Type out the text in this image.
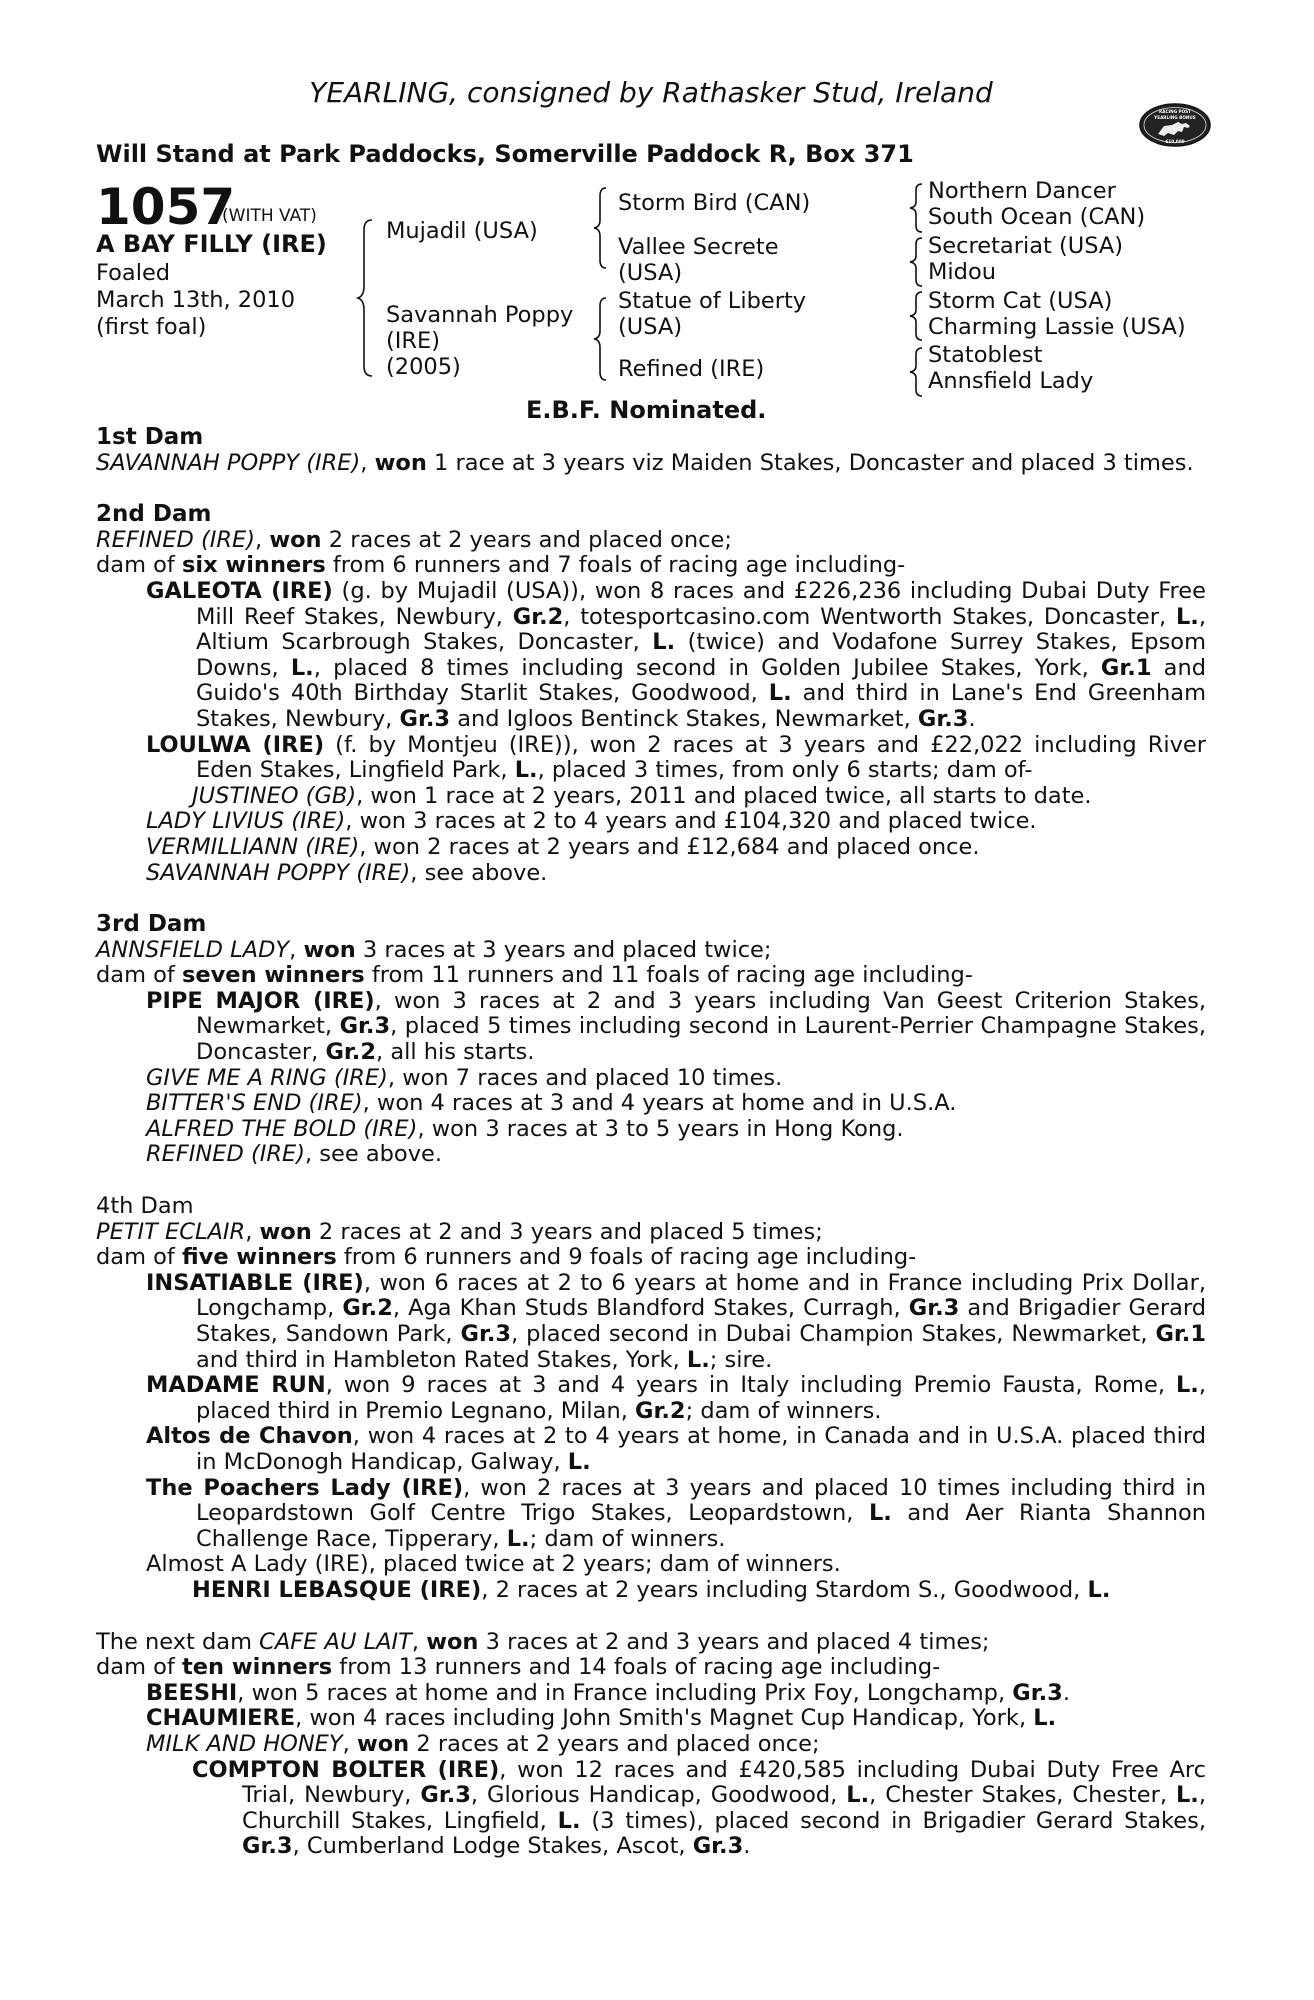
YEARLING, consigned by Rathasker Stud, Ireland
Will Stand at Park Paddocks, Somerville Paddock R, Box 371
1057
(WITH VAT)
A BAY FILLY (IRE)
Foaled
March 13th, 2010
(first foal)
Mujadil (USA)
Savannah Poppy
(IRE)
(2005)
Storm Bird (CAN)
Vallee Secrete
(USA)
Statue of Liberty
(USA)
Refined (IRE)
Northern Dancer
South Ocean (CAN)
Secretariat (USA)
Midou
Storm Cat (USA)
Charming Lassie (USA)
Statoblest
Annsfield Lady
E.B.F. Nominated.
1st Dam
SAVANNAH POPPY (IRE), won 1 race at 3 years viz Maiden Stakes, Doncaster and placed 3 times.
2nd Dam
REFINED (IRE), won 2 races at 2 years and placed once;
dam of six winners from 6 runners and 7 foals of racing age including-
GALEOTA (IRE) (g. by Mujadil (USA)), won 8 races and £226,236 including Dubai Duty Free Mill Reef Stakes, Newbury, Gr.2, totesportcasino.com Wentworth Stakes, Doncaster, L., Altium Scarbrough Stakes, Doncaster, L. (twice) and Vodafone Surrey Stakes, Epsom Downs, L., placed 8 times including second in Golden Jubilee Stakes, York, Gr.1 and Guido's 40th Birthday Starlit Stakes, Goodwood, L. and third in Lane's End Greenham Stakes, Newbury, Gr.3 and Igloos Bentinck Stakes, Newmarket, Gr.3.
LOULWA (IRE) (f. by Montjeu (IRE)), won 2 races at 3 years and £22,022 including River Eden Stakes, Lingfield Park, L., placed 3 times, from only 6 starts; dam of-
JUSTINEO (GB), won 1 race at 2 years, 2011 and placed twice, all starts to date.
LADY LIVIUS (IRE), won 3 races at 2 to 4 years and £104,320 and placed twice.
VERMILLIANN (IRE), won 2 races at 2 years and £12,684 and placed once.
SAVANNAH POPPY (IRE), see above.
3rd Dam
ANNSFIELD LADY, won 3 races at 3 years and placed twice;
dam of seven winners from 11 runners and 11 foals of racing age including-
PIPE MAJOR (IRE), won 3 races at 2 and 3 years including Van Geest Criterion Stakes, Newmarket, Gr.3, placed 5 times including second in Laurent-Perrier Champagne Stakes, Doncaster, Gr.2, all his starts.
GIVE ME A RING (IRE), won 7 races and placed 10 times.
BITTER'S END (IRE), won 4 races at 3 and 4 years at home and in U.S.A.
ALFRED THE BOLD (IRE), won 3 races at 3 to 5 years in Hong Kong.
REFINED (IRE), see above.
4th Dam
PETIT ECLAIR, won 2 races at 2 and 3 years and placed 5 times;
dam of five winners from 6 runners and 9 foals of racing age including-
INSATIABLE (IRE), won 6 races at 2 to 6 years at home and in France including Prix Dollar, Longchamp, Gr.2, Aga Khan Studs Blandford Stakes, Curragh, Gr.3 and Brigadier Gerard Stakes, Sandown Park, Gr.3, placed second in Dubai Champion Stakes, Newmarket, Gr.1 and third in Hambleton Rated Stakes, York, L.; sire.
MADAME RUN, won 9 races at 3 and 4 years in Italy including Premio Fausta, Rome, L., placed third in Premio Legnano, Milan, Gr.2; dam of winners.
Altos de Chavon, won 4 races at 2 to 4 years at home, in Canada and in U.S.A. placed third in McDonogh Handicap, Galway, L.
The Poachers Lady (IRE), won 2 races at 3 years and placed 10 times including third in Leopardstown Golf Centre Trigo Stakes, Leopardstown, L. and Aer Rianta Shannon Challenge Race, Tipperary, L.; dam of winners.
Almost A Lady (IRE), placed twice at 2 years; dam of winners.
HENRI LEBASQUE (IRE), 2 races at 2 years including Stardom S., Goodwood, L.
The next dam CAFE AU LAIT, won 3 races at 2 and 3 years and placed 4 times;
dam of ten winners from 13 runners and 14 foals of racing age including-
BEESHI, won 5 races at home and in France including Prix Foy, Longchamp, Gr.3.
CHAUMIERE, won 4 races including John Smith's Magnet Cup Handicap, York, L.
MILK AND HONEY, won 2 races at 2 years and placed once;
COMPTON BOLTER (IRE), won 12 races and £420,585 including Dubai Duty Free Arc Trial, Newbury, Gr.3, Glorious Handicap, Goodwood, L., Chester Stakes, Chester, L., Churchill Stakes, Lingfield, L. (3 times), placed second in Brigadier Gerard Stakes, Gr.3, Cumberland Lodge Stakes, Ascot, Gr.3.
RACING POST
YEARLING BONUS
£10,000
